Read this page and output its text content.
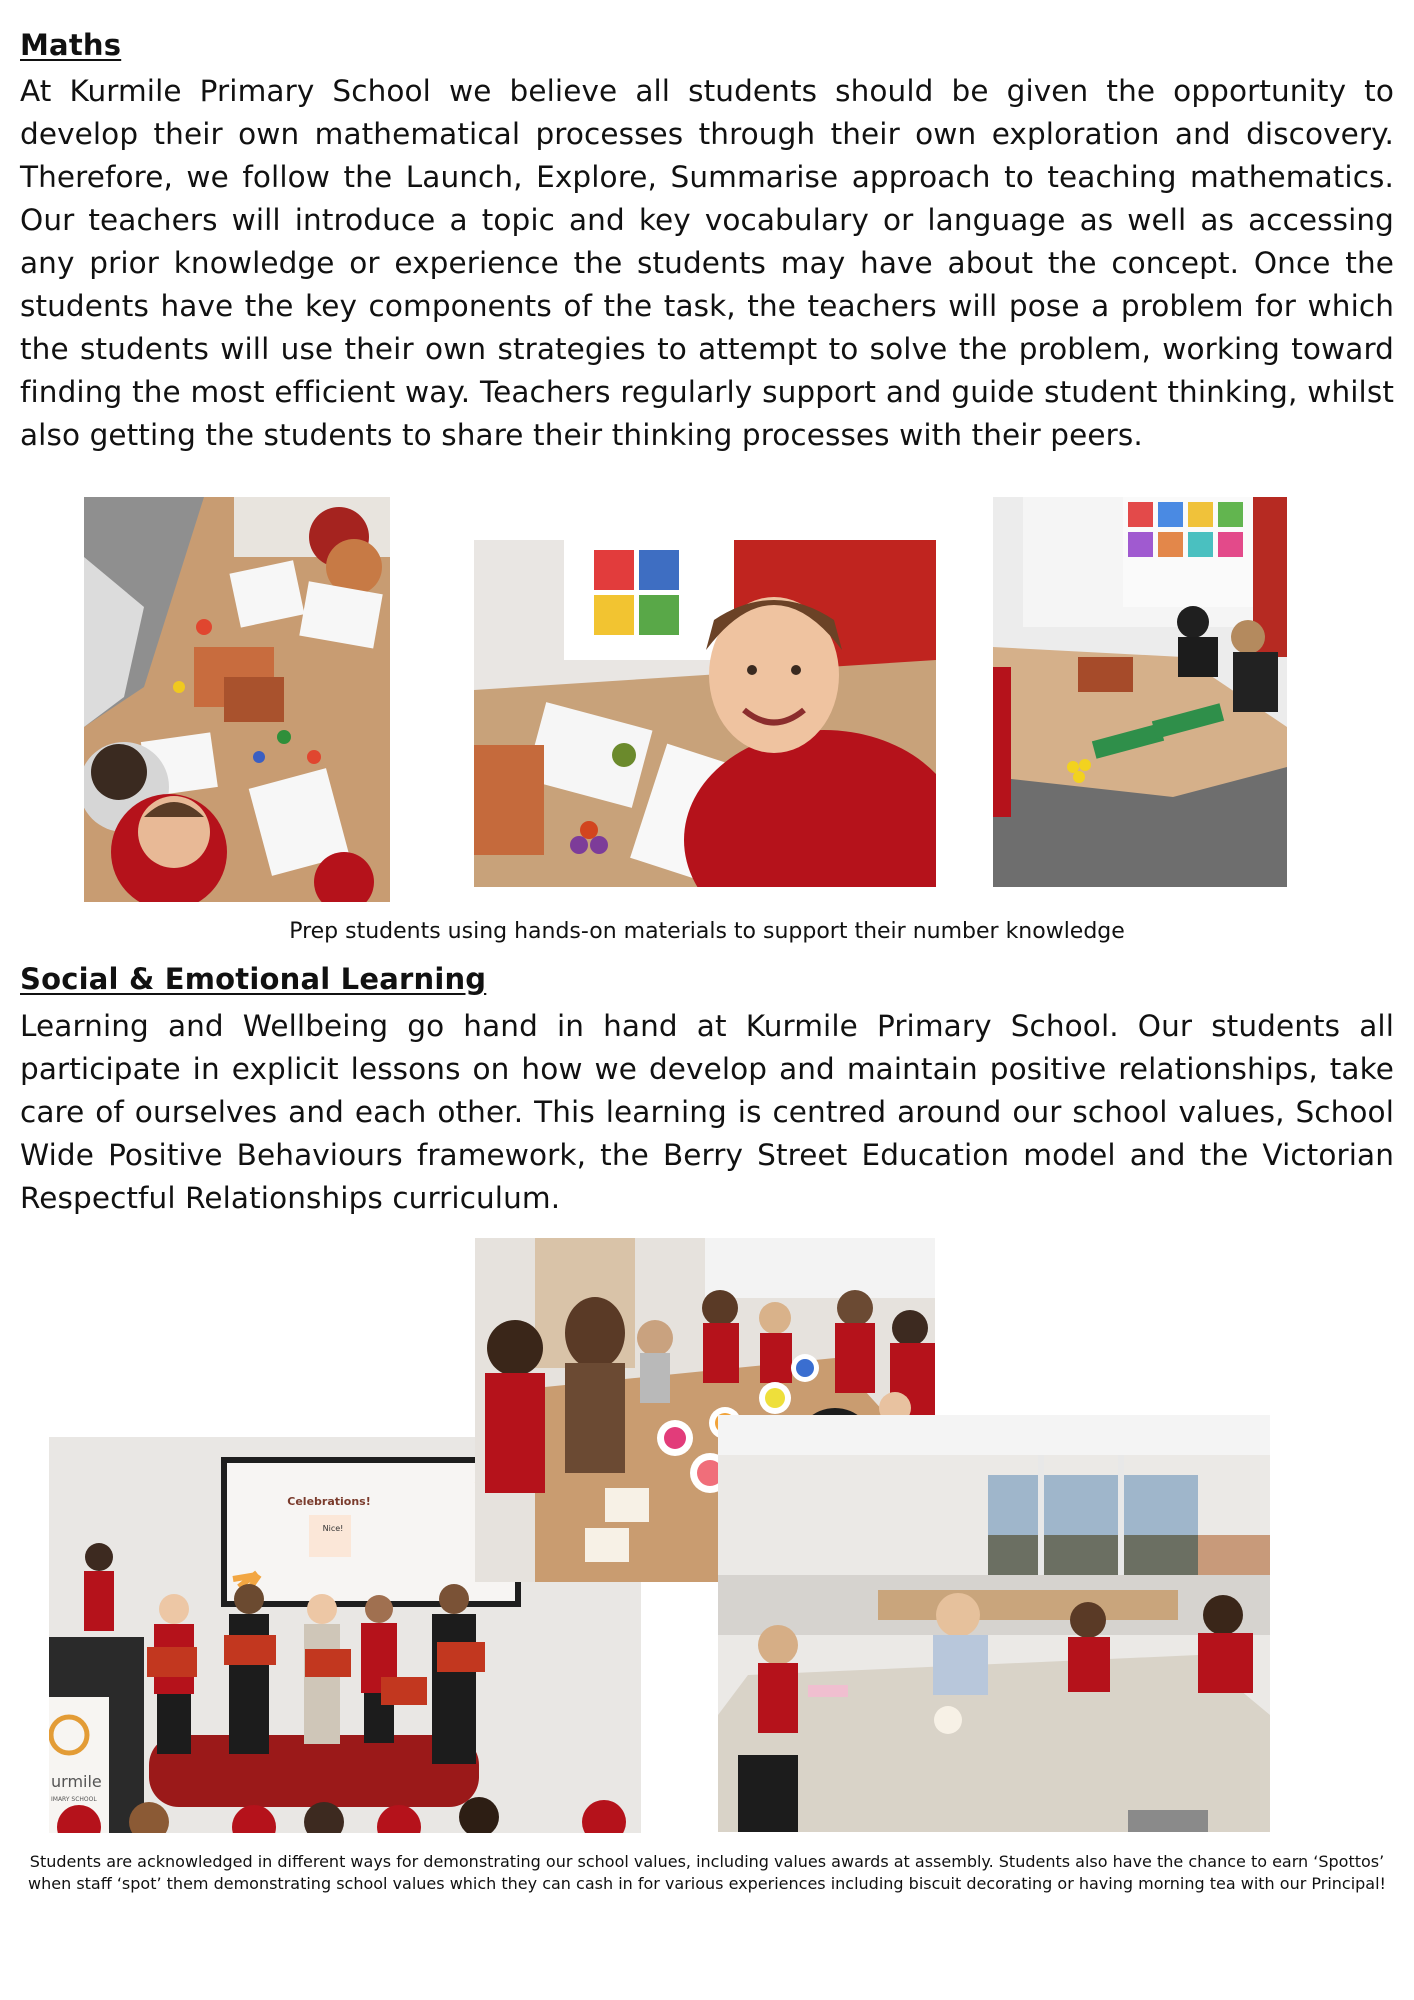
Maths

At Kurmile Primary School we believe all students should be given the opportunity to develop their own mathematical processes through their own exploration and discovery. Therefore, we follow the Launch, Explore, Summarise approach to teaching mathematics. Our teachers will introduce a topic and key vocabulary or language as well as accessing any prior knowledge or experience the students may have about the concept. Once the students have the key components of the task, the teachers will pose a problem for which the students will use their own strategies to attempt to solve the problem, working toward finding the most efficient way. Teachers regularly support and guide student thinking, whilst also getting the students to share their thinking processes with their peers.

Prep students using hands-on materials to support their number knowledge

Social & Emotional Learning

Learning and Wellbeing go hand in hand at Kurmile Primary School. Our students all participate in explicit lessons on how we develop and maintain positive relationships, take care of ourselves and each other. This learning is centred around our school values, School Wide Positive Behaviours framework, the Berry Street Education model and the Victorian Respectful Relationships curriculum.

Celebrations!
Nice!
urmile
IMARY SCHOOL

Students are acknowledged in different ways for demonstrating our school values, including values awards at assembly. Students also have the chance to earn ‘Spottos’ when staff ‘spot’ them demonstrating school values which they can cash in for various experiences including biscuit decorating or having morning tea with our Principal!
